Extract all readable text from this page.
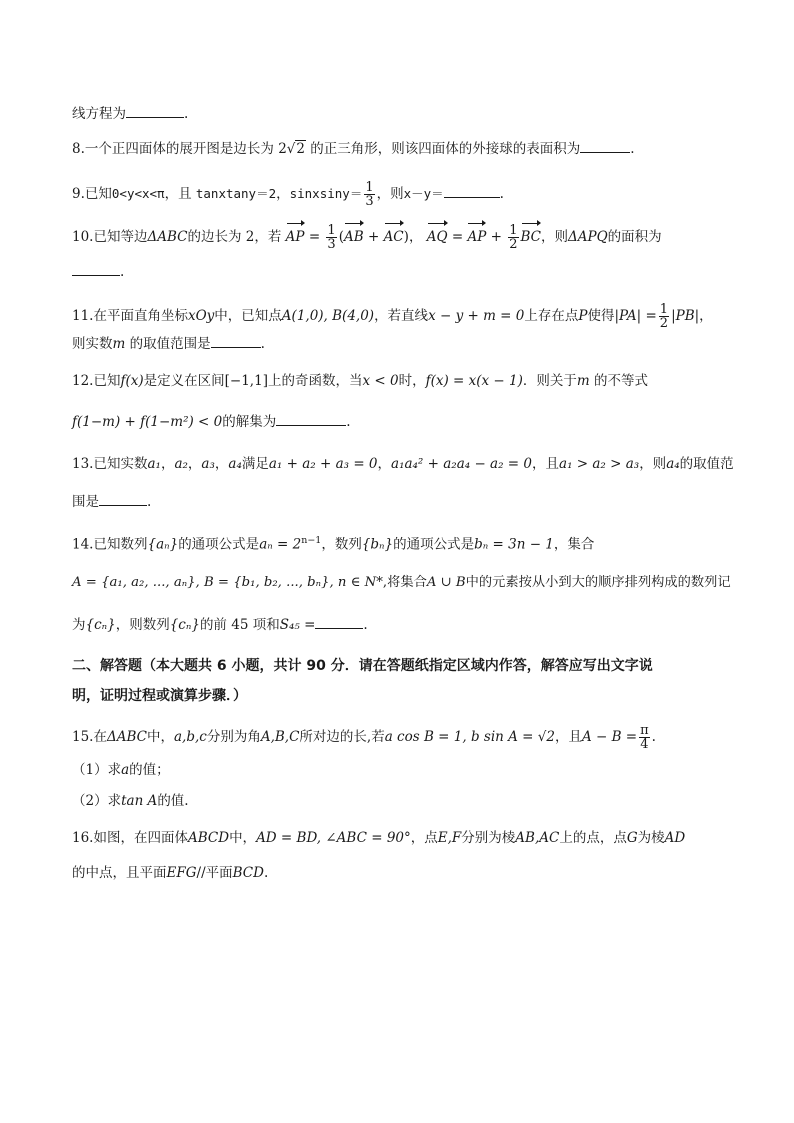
线方程为	.
8.一个正四面体的展开图是边长为 2√2 的正三角形，则该四面体的外接球的表面积为	.
9.已知0<y<x<π，且 tanxtany＝2，sinxsiny＝ $\frac{1}{3}$ ，则x－y＝	.
10.已知等边ΔABC的边长为 2，若 AP = $\frac{1}{3} (AB + AC)$， AQ = AP + $\frac{1}{2}$ BC，则ΔAPQ的面积为
.
11.在平面直角坐标xOy中，已知点A(1,0), B(4,0)，若直线x − y + m = 0上存在点P使得$|PA| = \frac{1}{2} |PB|$，
则实数m 的取值范围是	.
12.已知f(x)是定义在区间[−1,1]上的奇函数，当x < 0时，f(x) = x(x − 1)．则关于m 的不等式
f(1−m) + f(1−m²) < 0的解集为	.
13.已知实数a₁，a₂，a₃，a₄满足a₁ + a₂ + a₃ = 0，a₁a₄² + a₂a₄ − a₂ = 0，且a₁ > a₂ > a₃，则a₄的取值范
围是	.
14.已知数列{aₙ}的通项公式是$a_n = 2^{n-1}$，数列{bₙ}的通项公式是bₙ = 3n − 1，集合
A = {a₁, a₂, ..., aₙ}, B = {b₁, b₂, ..., bₙ}, n ∈ N*,将集合A ∪ B中的元素按从小到大的顺序排列构成的数列记
为{cₙ}，则数列{cₙ}的前 45 项和S₄₅ =	.
二、解答题（本大题共 6 小题，共计 90 分．请在答题纸指定区域内作答，解答应写出文字说
明，证明过程或演算步骤．）
15.在ΔABC中，a,b,c分别为角A,B,C所对边的长,若a cos B = 1, b sin A = √2，且$A - B = \frac{\pi}{4}$ .
（1）求a的值；
（2）求tan A的值.
16.如图，在四面体ABCD中，AD = BD, ∠ABC = 90°，点E,F分别为棱AB,AC上的点，点G为棱AD
的中点，且平面EFG//平面BCD.
